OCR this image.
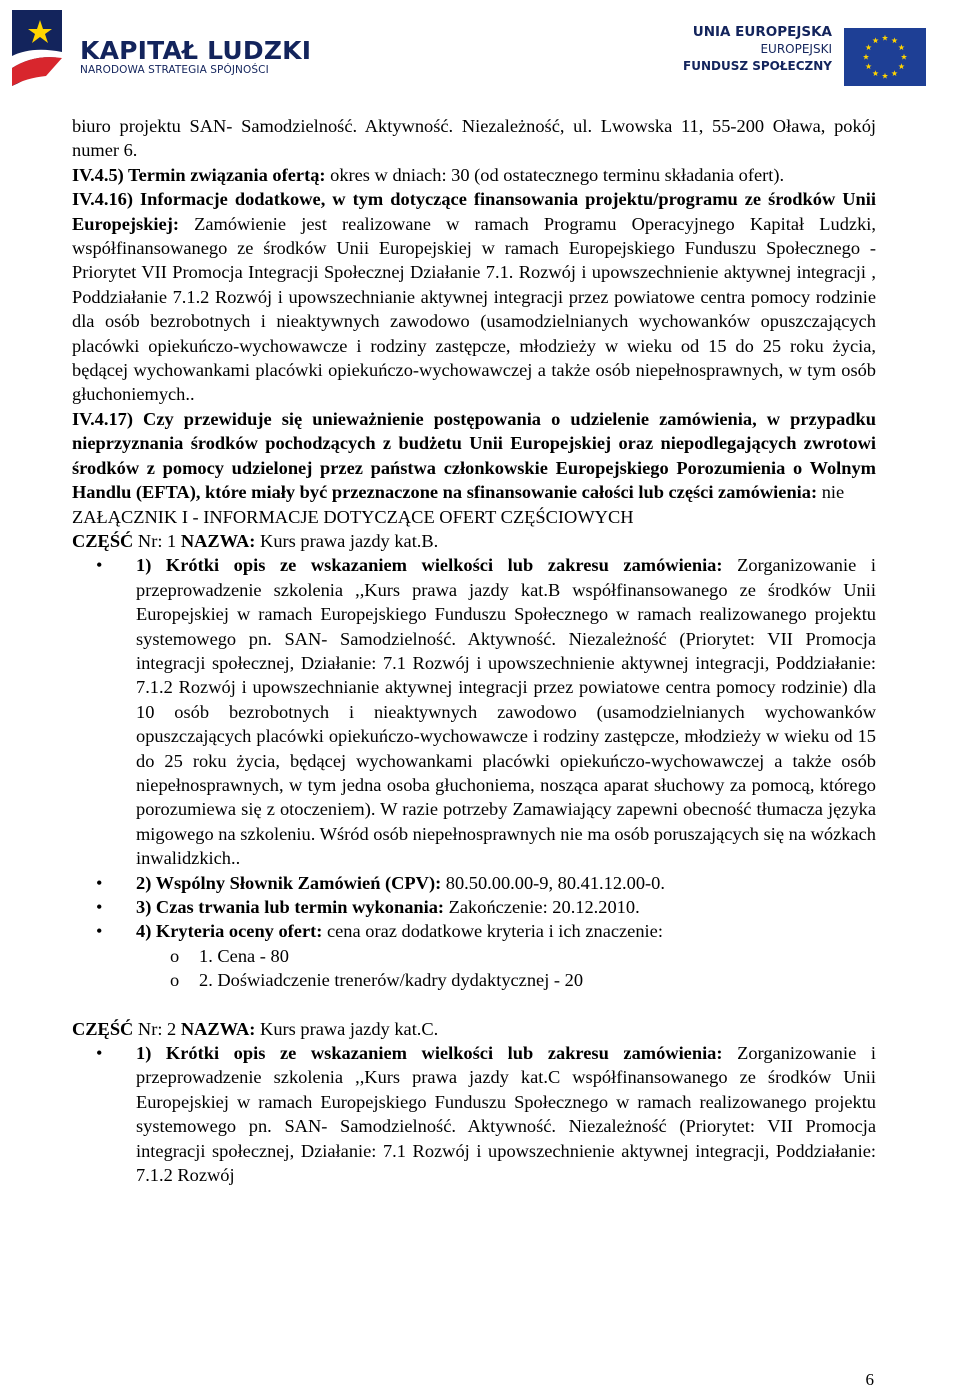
KAPITAŁ LUDZKI
NARODOWA STRATEGIA SPÓJNOŚCI
UNIA EUROPEJSKA
EUROPEJSKI
FUNDUSZ SPOŁECZNY

biuro projektu SAN- Samodzielność. Aktywność. Niezależność, ul. Lwowska 11, 55-200 Oława, pokój numer 6.

IV.4.5) Termin związania ofertą: okres w dniach: 30 (od ostatecznego terminu składania ofert).

IV.4.16) Informacje dodatkowe, w tym dotyczące finansowania projektu/programu ze środków Unii Europejskiej: Zamówienie jest realizowane w ramach Programu Operacyjnego Kapitał Ludzki, współfinansowanego ze środków Unii Europejskiej w ramach Europejskiego Funduszu Społecznego - Priorytet VII Promocja Integracji Społecznej Działanie 7.1. Rozwój i upowszechnienie aktywnej integracji , Poddziałanie 7.1.2 Rozwój i upowszechnianie aktywnej integracji przez powiatowe centra pomocy rodzinie dla osób bezrobotnych i nieaktywnych zawodowo (usamodzielnianych wychowanków opuszczających placówki opiekuńczo-wychowawcze i rodziny zastępcze, młodzieży w wieku od 15 do 25 roku życia, będącej wychowankami placówki opiekuńczo-wychowawczej a także osób niepełnosprawnych, w tym osób głuchoniemych..

IV.4.17) Czy przewiduje się unieważnienie postępowania o udzielenie zamówienia, w przypadku nieprzyznania środków pochodzących z budżetu Unii Europejskiej oraz niepodlegających zwrotowi środków z pomocy udzielonej przez państwa członkowskie Europejskiego Porozumienia o Wolnym Handlu (EFTA), które miały być przeznaczone na sfinansowanie całości lub części zamówienia: nie

ZAŁĄCZNIK I - INFORMACJE DOTYCZĄCE OFERT CZĘŚCIOWYCH

CZĘŚĆ Nr: 1 NAZWA: Kurs prawa jazdy kat.B.

• 1) Krótki opis ze wskazaniem wielkości lub zakresu zamówienia: Zorganizowanie i przeprowadzenie szkolenia ,,Kurs prawa jazdy kat.B współfinansowanego ze środków Unii Europejskiej w ramach Europejskiego Funduszu Społecznego w ramach realizowanego projektu systemowego pn. SAN- Samodzielność. Aktywność. Niezależność (Priorytet: VII Promocja integracji społecznej, Działanie: 7.1 Rozwój i upowszechnienie aktywnej integracji, Poddziałanie: 7.1.2 Rozwój i upowszechnianie aktywnej integracji przez powiatowe centra pomocy rodzinie) dla 10 osób bezrobotnych i nieaktywnych zawodowo (usamodzielnianych wychowanków opuszczających placówki opiekuńczo-wychowawcze i rodziny zastępcze, młodzieży w wieku od 15 do 25 roku życia, będącej wychowankami placówki opiekuńczo-wychowawczej a także osób niepełnosprawnych, w tym jedna osoba głuchoniema, nosząca aparat słuchowy za pomocą, którego porozumiewa się z otoczeniem). W razie potrzeby Zamawiający zapewni obecność tłumacza języka migowego na szkoleniu. Wśród osób niepełnosprawnych nie ma osób poruszających się na wózkach inwalidzkich..
• 2) Wspólny Słownik Zamówień (CPV): 80.50.00.00-9, 80.41.12.00-0.
• 3) Czas trwania lub termin wykonania: Zakończenie: 20.12.2010.
• 4) Kryteria oceny ofert: cena oraz dodatkowe kryteria i ich znaczenie:
o 1. Cena - 80
o 2. Doświadczenie trenerów/kadry dydaktycznej - 20

CZĘŚĆ Nr: 2 NAZWA: Kurs prawa jazdy kat.C.

• 1) Krótki opis ze wskazaniem wielkości lub zakresu zamówienia: Zorganizowanie i przeprowadzenie szkolenia ,,Kurs prawa jazdy kat.C współfinansowanego ze środków Unii Europejskiej w ramach Europejskiego Funduszu Społecznego w ramach realizowanego projektu systemowego pn. SAN- Samodzielność. Aktywność. Niezależność (Priorytet: VII Promocja integracji społecznej, Działanie: 7.1 Rozwój i upowszechnienie aktywnej integracji, Poddziałanie: 7.1.2 Rozwój
6
